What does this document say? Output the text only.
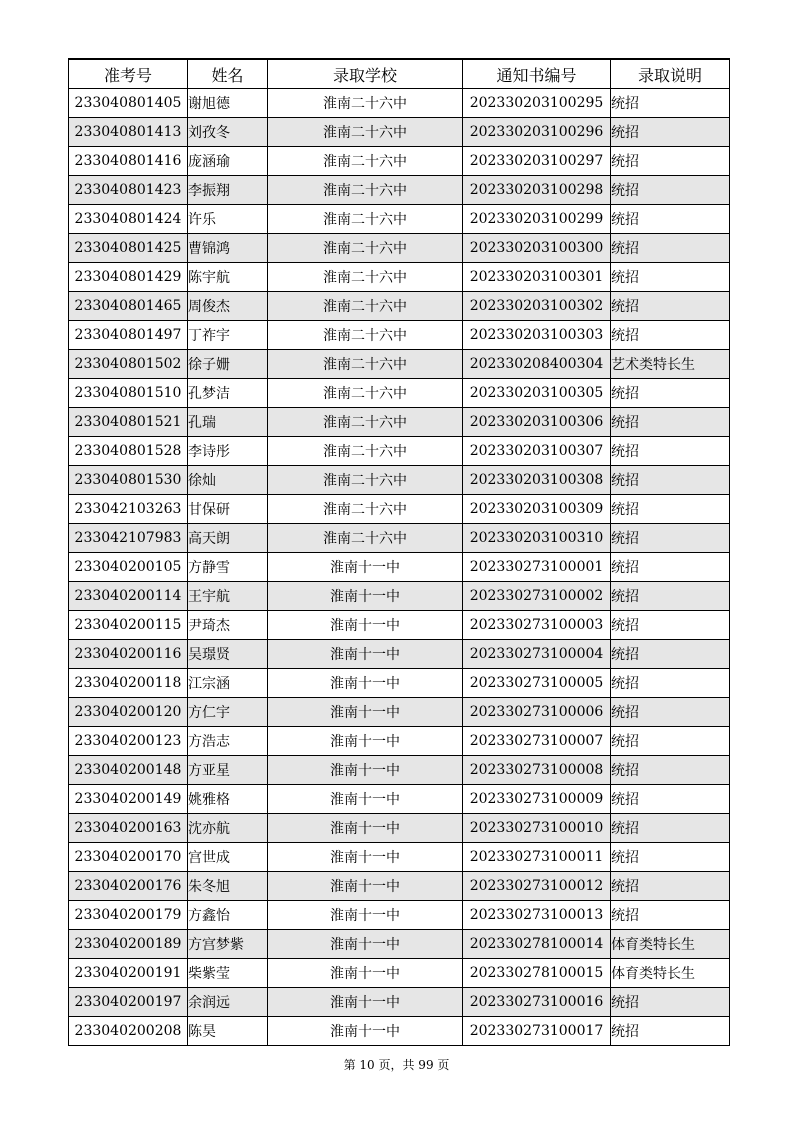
准考号	姓名	录取学校	通知书编号	录取说明
233040801405	谢旭德	淮南二十六中	202330203100295	统招
233040801413	刘孜冬	淮南二十六中	202330203100296	统招
233040801416	庞涵瑜	淮南二十六中	202330203100297	统招
233040801423	李振翔	淮南二十六中	202330203100298	统招
233040801424	许乐	淮南二十六中	202330203100299	统招
233040801425	曹锦鸿	淮南二十六中	202330203100300	统招
233040801429	陈宇航	淮南二十六中	202330203100301	统招
233040801465	周俊杰	淮南二十六中	202330203100302	统招
233040801497	丁祚宇	淮南二十六中	202330203100303	统招
233040801502	徐子姗	淮南二十六中	202330208400304	艺术类特长生
233040801510	孔梦洁	淮南二十六中	202330203100305	统招
233040801521	孔瑞	淮南二十六中	202330203100306	统招
233040801528	李诗彤	淮南二十六中	202330203100307	统招
233040801530	徐灿	淮南二十六中	202330203100308	统招
233042103263	甘保研	淮南二十六中	202330203100309	统招
233042107983	高天朗	淮南二十六中	202330203100310	统招
233040200105	方静雪	淮南十一中	202330273100001	统招
233040200114	王宇航	淮南十一中	202330273100002	统招
233040200115	尹琦杰	淮南十一中	202330273100003	统招
233040200116	吴璟贤	淮南十一中	202330273100004	统招
233040200118	江宗涵	淮南十一中	202330273100005	统招
233040200120	方仁宇	淮南十一中	202330273100006	统招
233040200123	方浩志	淮南十一中	202330273100007	统招
233040200148	方亚星	淮南十一中	202330273100008	统招
233040200149	姚雅格	淮南十一中	202330273100009	统招
233040200163	沈亦航	淮南十一中	202330273100010	统招
233040200170	宫世成	淮南十一中	202330273100011	统招
233040200176	朱冬旭	淮南十一中	202330273100012	统招
233040200179	方鑫怡	淮南十一中	202330273100013	统招
233040200189	方宫梦紫	淮南十一中	202330278100014	体育类特长生
233040200191	柴紫莹	淮南十一中	202330278100015	体育类特长生
233040200197	余润远	淮南十一中	202330273100016	统招
233040200208	陈昊	淮南十一中	202330273100017	统招
第 10 页，共 99 页
